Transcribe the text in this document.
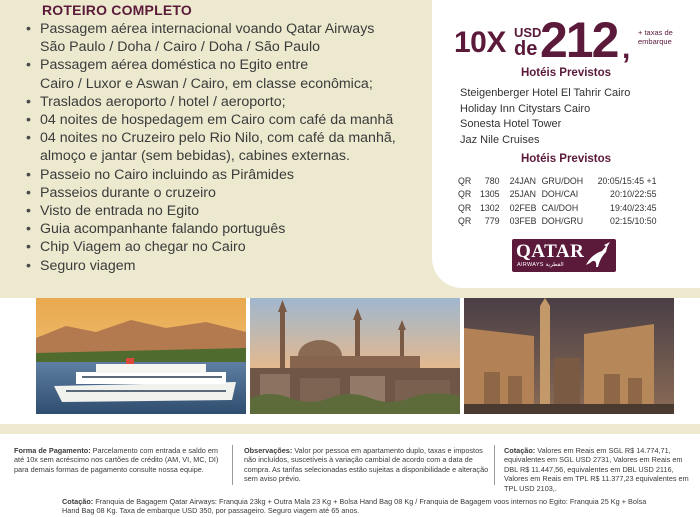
ROTEIRO COMPLETO
• Passagem aérea internacional voando Qatar Airways
São Paulo / Doha / Cairo / Doha / São Paulo
• Passagem aérea doméstica no Egito entre
Cairo / Luxor e Aswan / Cairo, em classe econômica;
• Traslados aeroporto / hotel / aeroporto;
• 04 noites de hospedagem em Cairo com café da manhã
• 04 noites no Cruzeiro pelo Rio Nilo, com café da manhã,
almoço e jantar (sem bebidas), cabines externas.
• Passeio no Cairo incluindo as Pirâmides
• Passeios durante o cruzeiro
• Visto de entrada no Egito
• Guia acompanhante falando português
• Chip Viagem ao chegar no Cairo
• Seguro viagem
10X USD
de 212 , + taxas de
embarque
Hotéis Previstos
Steigenberger Hotel El Tahrir Cairo
Holiday Inn Citystars Cairo
Sonesta Hotel Tower
Jaz Nile Cruises
Hotéis Previstos
QR	780	24JAN	GRU/DOH	20:05/15:45 +1
QR	1305	25JAN	DOH/CAI	20:10/22:55
QR	1302	02FEB	CAI/DOH	19:40/23:45
QR	779	03FEB	DOH/GRU	02:15/10:50
QATAR
AIRWAYS القطرية
Forma de Pagamento: Parcelamento com entrada e saldo em até 10x sem acréscimo nos cartões de crédito (AM, VI, MC, DI) para demais formas de pagamento consulte nossa equipe.
Observações: Valor por pessoa em apartamento duplo, taxas e impostos não incluídos, suscetíveis à variação cambial de acordo com a data de compra. As tarifas selecionadas estão sujeitas a disponibilidade e alteração sem aviso prévio.
Cotação: Valores em Reais em SGL R$ 14.774,71, equivalentes em SGL USD 2731, Valores em Reais em DBL R$ 11.447,56, equivalentes em DBL USD 2116, Valores em Reais em TPL R$ 11.377,23 equivalentes em TPL USD 2103,.
Cotação: Franquia de Bagagem Qatar Airways: Franquia 23kg + Outra Mala 23 Kg + Bolsa Hand Bag 08 Kg / Franquia de Bagagem voos internos no Egito: Franquia 25 Kg + Bolsa Hand Bag 08 Kg. Taxa de embarque USD 350, por passageiro. Seguro viagem até 65 anos.
